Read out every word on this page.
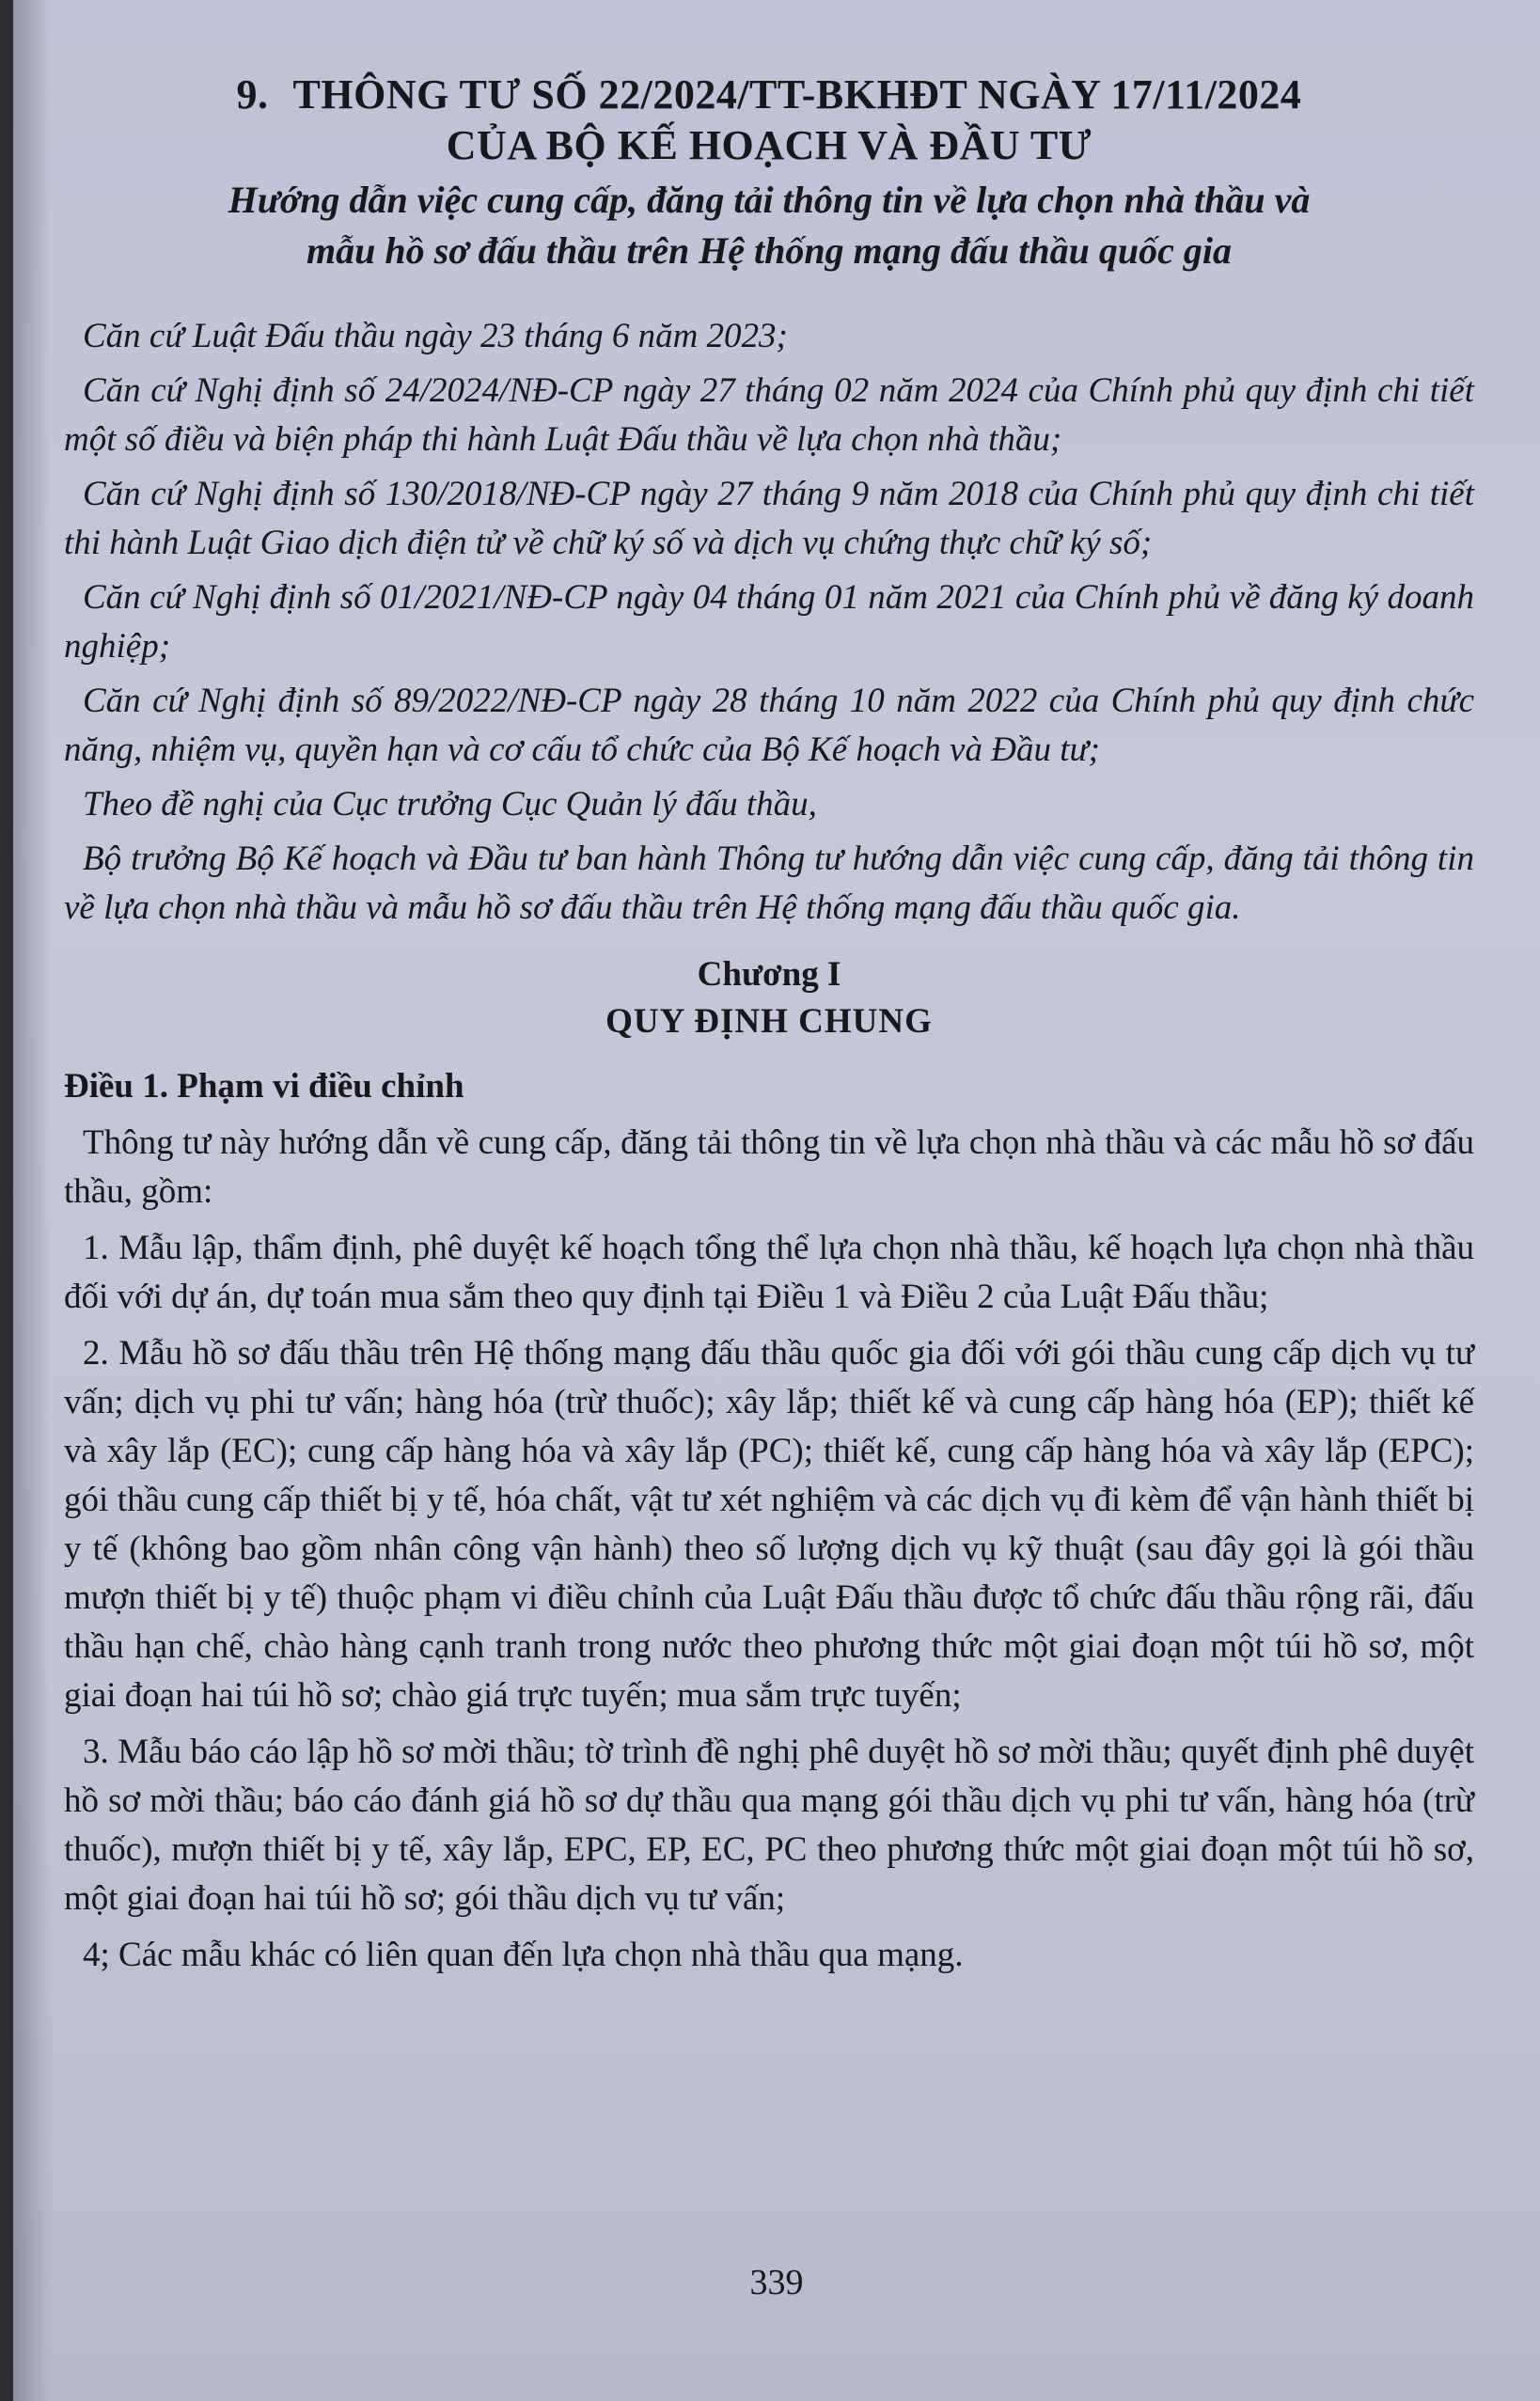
9. THÔNG TƯ SỐ 22/2024/TT-BKHĐT NGÀY 17/11/2024

CỦA BỘ KẾ HOẠCH VÀ ĐẦU TƯ

Hướng dẫn việc cung cấp, đăng tải thông tin về lựa chọn nhà thầu và

mẫu hồ sơ đấu thầu trên Hệ thống mạng đấu thầu quốc gia

Căn cứ Luật Đấu thầu ngày 23 tháng 6 năm 2023;

Căn cứ Nghị định số 24/2024/NĐ-CP ngày 27 tháng 02 năm 2024 của Chính phủ quy định chi tiết một số điều và biện pháp thi hành Luật Đấu thầu về lựa chọn nhà thầu;

Căn cứ Nghị định số 130/2018/NĐ-CP ngày 27 tháng 9 năm 2018 của Chính phủ quy định chi tiết thi hành Luật Giao dịch điện tử về chữ ký số và dịch vụ chứng thực chữ ký số;

Căn cứ Nghị định số 01/2021/NĐ-CP ngày 04 tháng 01 năm 2021 của Chính phủ về đăng ký doanh nghiệp;

Căn cứ Nghị định số 89/2022/NĐ-CP ngày 28 tháng 10 năm 2022 của Chính phủ quy định chức năng, nhiệm vụ, quyền hạn và cơ cấu tổ chức của Bộ Kế hoạch và Đầu tư;

Theo đề nghị của Cục trưởng Cục Quản lý đấu thầu,

Bộ trưởng Bộ Kế hoạch và Đầu tư ban hành Thông tư hướng dẫn việc cung cấp, đăng tải thông tin về lựa chọn nhà thầu và mẫu hồ sơ đấu thầu trên Hệ thống mạng đấu thầu quốc gia.

Chương I

QUY ĐỊNH CHUNG

Điều 1. Phạm vi điều chỉnh

Thông tư này hướng dẫn về cung cấp, đăng tải thông tin về lựa chọn nhà thầu và các mẫu hồ sơ đấu thầu, gồm:

1. Mẫu lập, thẩm định, phê duyệt kế hoạch tổng thể lựa chọn nhà thầu, kế hoạch lựa chọn nhà thầu đối với dự án, dự toán mua sắm theo quy định tại Điều 1 và Điều 2 của Luật Đấu thầu;

2. Mẫu hồ sơ đấu thầu trên Hệ thống mạng đấu thầu quốc gia đối với gói thầu cung cấp dịch vụ tư vấn; dịch vụ phi tư vấn; hàng hóa (trừ thuốc); xây lắp; thiết kế và cung cấp hàng hóa (EP); thiết kế và xây lắp (EC); cung cấp hàng hóa và xây lắp (PC); thiết kế, cung cấp hàng hóa và xây lắp (EPC); gói thầu cung cấp thiết bị y tế, hóa chất, vật tư xét nghiệm và các dịch vụ đi kèm để vận hành thiết bị y tế (không bao gồm nhân công vận hành) theo số lượng dịch vụ kỹ thuật (sau đây gọi là gói thầu mượn thiết bị y tế) thuộc phạm vi điều chỉnh của Luật Đấu thầu được tổ chức đấu thầu rộng rãi, đấu thầu hạn chế, chào hàng cạnh tranh trong nước theo phương thức một giai đoạn một túi hồ sơ, một giai đoạn hai túi hồ sơ; chào giá trực tuyến; mua sắm trực tuyến;

3. Mẫu báo cáo lập hồ sơ mời thầu; tờ trình đề nghị phê duyệt hồ sơ mời thầu; quyết định phê duyệt hồ sơ mời thầu; báo cáo đánh giá hồ sơ dự thầu qua mạng gói thầu dịch vụ phi tư vấn, hàng hóa (trừ thuốc), mượn thiết bị y tế, xây lắp, EPC, EP, EC, PC theo phương thức một giai đoạn một túi hồ sơ, một giai đoạn hai túi hồ sơ; gói thầu dịch vụ tư vấn;

4; Các mẫu khác có liên quan đến lựa chọn nhà thầu qua mạng.

339
